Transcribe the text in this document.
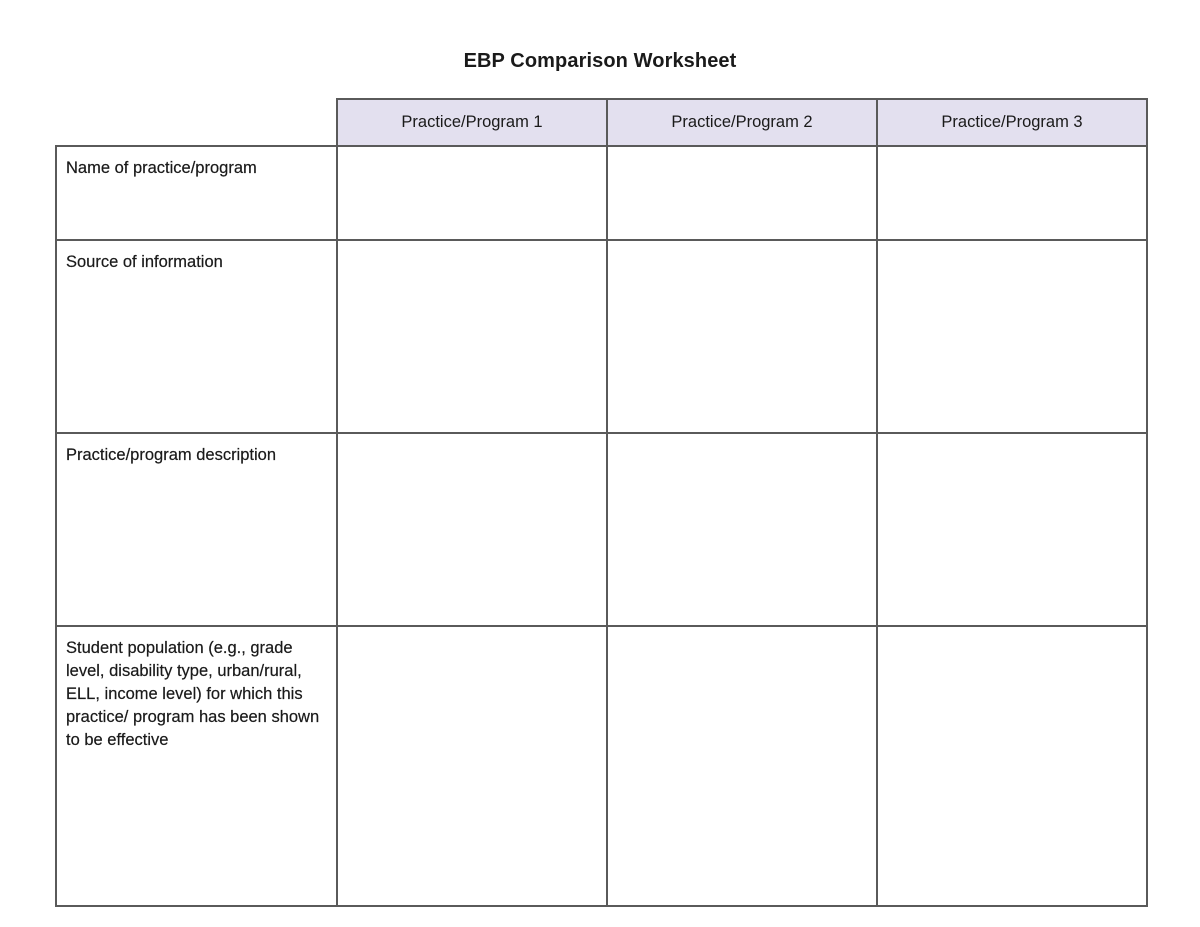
EBP Comparison Worksheet
	Practice/Program 1	Practice/Program 2	Practice/Program 3
Name of practice/program			
Source of information			
Practice/program description			
Student population (e.g., grade level, disability type, urban/rural, ELL, income level) for which this practice/ program has been shown to be effective			
